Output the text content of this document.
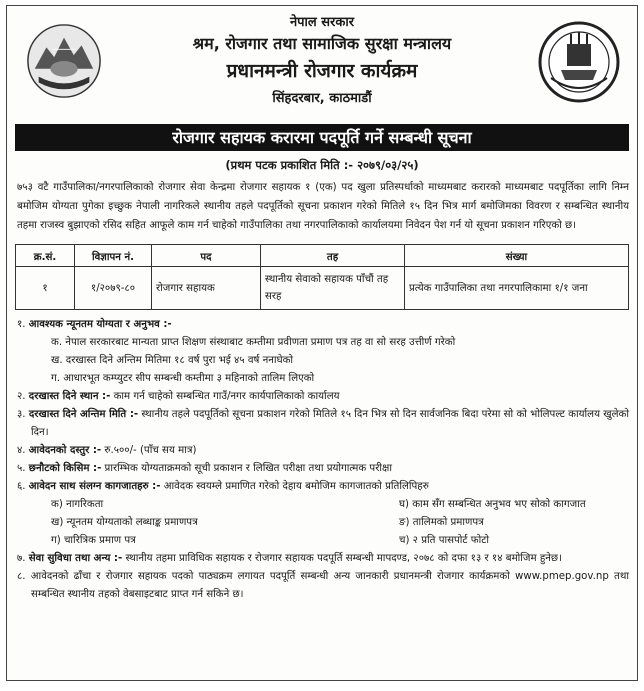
नेपाल सरकार
श्रम, रोजगार तथा सामाजिक सुरक्षा मन्त्रालय
प्रधानमन्त्री रोजगार कार्यक्रम
सिंहदरबार, काठमाडौं
रोजगार सहायक करारमा पदपूर्ति गर्ने सम्बन्धी सूचना
(प्रथम पटक प्रकाशित मिति :- २०७९/०३/२५)
७५३ वटै गाउँपालिका/नगरपालिकाको रोजगार सेवा केन्द्रमा रोजगार सहायक १ (एक) पद खुला प्रतिस्पर्धाको माध्यमबाट करारको माध्यमबाट पदपूर्तिका लागि निम्न बमोजिम योग्यता पुगेका इच्छुक नेपाली नागरिकले स्थानीय तहले पदपूर्तिको सूचना प्रकाशन गरेको मितिले १५ दिन भित्र मार्ग बमोजिमका विवरण र सम्बन्धित स्थानीय तहमा राजस्व बुझाएको रसिद सहित आफूले काम गर्न चाहेको गाउँपालिका तथा नगरपालिकाको कार्यालयमा निवेदन पेश गर्न यो सूचना प्रकाशन गरिएको छ।
क्र.सं.	विज्ञापन नं.	पद	तह	संख्या
१	१/२०७९-८०	रोजगार सहायक	स्थानीय सेवाको सहायक पाँचौं तह सरह	प्रत्येक गाउँपालिका तथा नगरपालिकामा १/१ जना
१. आवश्यक न्यूनतम योग्यता र अनुभव :-
क. नेपाल सरकारबाट मान्यता प्राप्त शिक्षण संस्थाबाट कम्तीमा प्रवीणता प्रमाण पत्र तह वा सो सरह उत्तीर्ण गरेको
ख. दरखास्त दिने अन्तिम मितिमा १८ वर्ष पुरा भई ४५ वर्ष ननाघेको
ग. आधारभूत कम्प्युटर सीप सम्बन्धी कम्तीमा ३ महिनाको तालिम लिएको
२. दरखास्त दिने स्थान :- काम गर्न चाहेको सम्बन्धित गाउँ/नगर कार्यपालिकाको कार्यालय
३. दरखास्त दिने अन्तिम मिति :- स्थानीय तहले पदपूर्तिको सूचना प्रकाशन गरेको मितिले १५ दिन भित्र सो दिन सार्वजनिक बिदा परेमा सो को भोलिपल्ट कार्यालय खुलेको दिन।
४. आवेदनको दस्तुर :- रु.५००/- (पाँच सय मात्र)
५. छनौटको किसिम :- प्रारम्भिक योग्यताक्रमको सूची प्रकाशन र लिखित परीक्षा तथा प्रयोगात्मक परीक्षा
६. आवेदन साथ संलग्न कागजातहरु :- आवेदक स्वयम्ले प्रमाणित गरेको देहाय बमोजिम कागजातको प्रतिलिपिहरु
क) नागरिकता
ख) न्यूनतम योग्यताको लब्धाङ्क प्रमाणपत्र
ग) चारित्रिक प्रमाण पत्र
घ) काम सँग सम्बन्धित अनुभव भए सोको कागजात
ङ) तालिमको प्रमाणपत्र
च) २ प्रति पासपोर्ट फोटो
७. सेवा सुविधा तथा अन्य :- स्थानीय तहमा प्राविधिक सहायक र रोजगार सहायक पदपूर्ति सम्बन्धी मापदण्ड, २०७८ को दफा १३ र १४ बमोजिम हुनेछ।
८. आवेदनको ढाँचा र रोजगार सहायक पदको पाठ्यक्रम लगायत पदपूर्ति सम्बन्धी अन्य जानकारी प्रधानमन्त्री रोजगार कार्यक्रमको www.pmep.gov.np तथा सम्बन्धित स्थानीय तहको वेबसाइटबाट प्राप्त गर्न सकिने छ।
